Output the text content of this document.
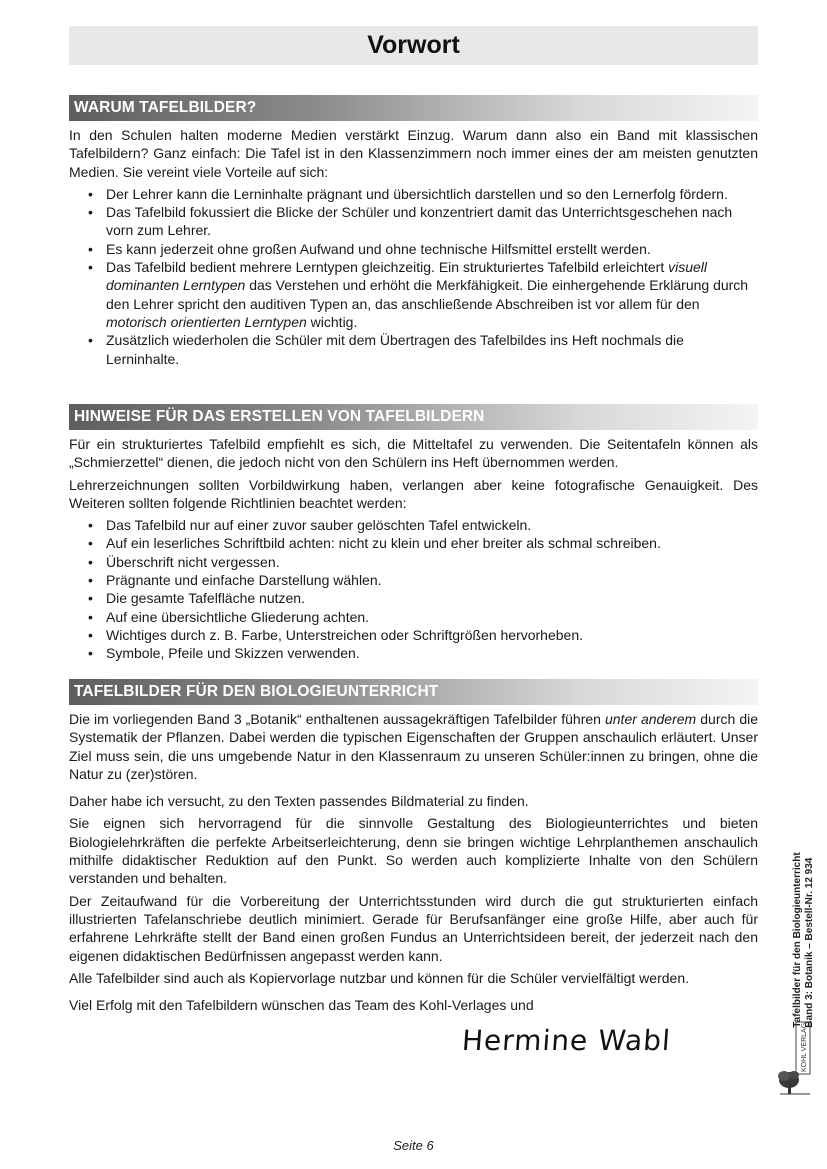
Vorwort
WARUM TAFELBILDER?

In den Schulen halten moderne Medien verstärkt Einzug. Warum dann also ein Band mit klassischen Tafelbildern? Ganz einfach: Die Tafel ist in den Klassenzimmern noch immer eines der am meisten genutzten Medien. Sie vereint viele Vorteile auf sich:

• Der Lehrer kann die Lerninhalte prägnant und übersichtlich darstellen und so den Lernerfolg fördern.
• Das Tafelbild fokussiert die Blicke der Schüler und konzentriert damit das Unterrichtsgeschehen nach vorn zum Lehrer.
• Es kann jederzeit ohne großen Aufwand und ohne technische Hilfsmittel erstellt werden.
• Das Tafelbild bedient mehrere Lerntypen gleichzeitig. Ein strukturiertes Tafelbild erleichtert visuell dominanten Lerntypen das Verstehen und erhöht die Merkfähigkeit. Die einhergehende Erklärung durch den Lehrer spricht den auditiven Typen an, das anschließende Abschreiben ist vor allem für den motorisch orientierten Lerntypen wichtig.
• Zusätzlich wiederholen die Schüler mit dem Übertragen des Tafelbildes ins Heft nochmals die Lerninhalte.
HINWEISE FÜR DAS ERSTELLEN VON TAFELBILDERN

Für ein strukturiertes Tafelbild empfiehlt es sich, die Mitteltafel zu verwenden. Die Seitentafeln können als „Schmierzettel“ dienen, die jedoch nicht von den Schülern ins Heft übernommen werden.

Lehrerzeichnungen sollten Vorbildwirkung haben, verlangen aber keine fotografische Genauigkeit. Des Weiteren sollten folgende Richtlinien beachtet werden:

• Das Tafelbild nur auf einer zuvor sauber gelöschten Tafel entwickeln.
• Auf ein leserliches Schriftbild achten: nicht zu klein und eher breiter als schmal schreiben.
• Überschrift nicht vergessen.
• Prägnante und einfache Darstellung wählen.
• Die gesamte Tafelfläche nutzen.
• Auf eine übersichtliche Gliederung achten.
• Wichtiges durch z. B. Farbe, Unterstreichen oder Schriftgrößen hervorheben.
• Symbole, Pfeile und Skizzen verwenden.
TAFELBILDER FÜR DEN BIOLOGIEUNTERRICHT

Die im vorliegenden Band 3 „Botanik“ enthaltenen aussagekräftigen Tafelbilder führen unter anderem durch die Systematik der Pflanzen. Dabei werden die typischen Eigenschaften der Gruppen anschaulich erläutert. Unser Ziel muss sein, die uns umgebende Natur in den Klassenraum zu unseren Schüler:innen zu bringen, ohne die Natur zu (zer)stören.

Daher habe ich versucht, zu den Texten passendes Bildmaterial zu finden.

Sie eignen sich hervorragend für die sinnvolle Gestaltung des Biologieunterrichtes und bieten Biologielehrkräften die perfekte Arbeitserleichterung, denn sie bringen wichtige Lehrplanthemen anschaulich mithilfe didaktischer Reduktion auf den Punkt. So werden auch komplizierte Inhalte von den Schülern verstanden und behalten.

Der Zeitaufwand für die Vorbereitung der Unterrichtsstunden wird durch die gut strukturierten einfach illustrierten Tafelanschriebe deutlich minimiert. Gerade für Berufsanfänger eine große Hilfe, aber auch für erfahrene Lehrkräfte stellt der Band einen großen Fundus an Unterrichtsideen bereit, der jederzeit nach den eigenen didaktischen Bedürfnissen angepasst werden kann.

Alle Tafelbilder sind auch als Kopiervorlage nutzbar und können für die Schüler vervielfältigt werden.

Viel Erfolg mit den Tafelbildern wünschen das Team des Kohl-Verlages und

Hermine Wabl
Tafelbilder für den Biologieunterricht Band 3: Botanik – Bestell-Nr. 12 934
KOHL VERLAG
Seite 6
